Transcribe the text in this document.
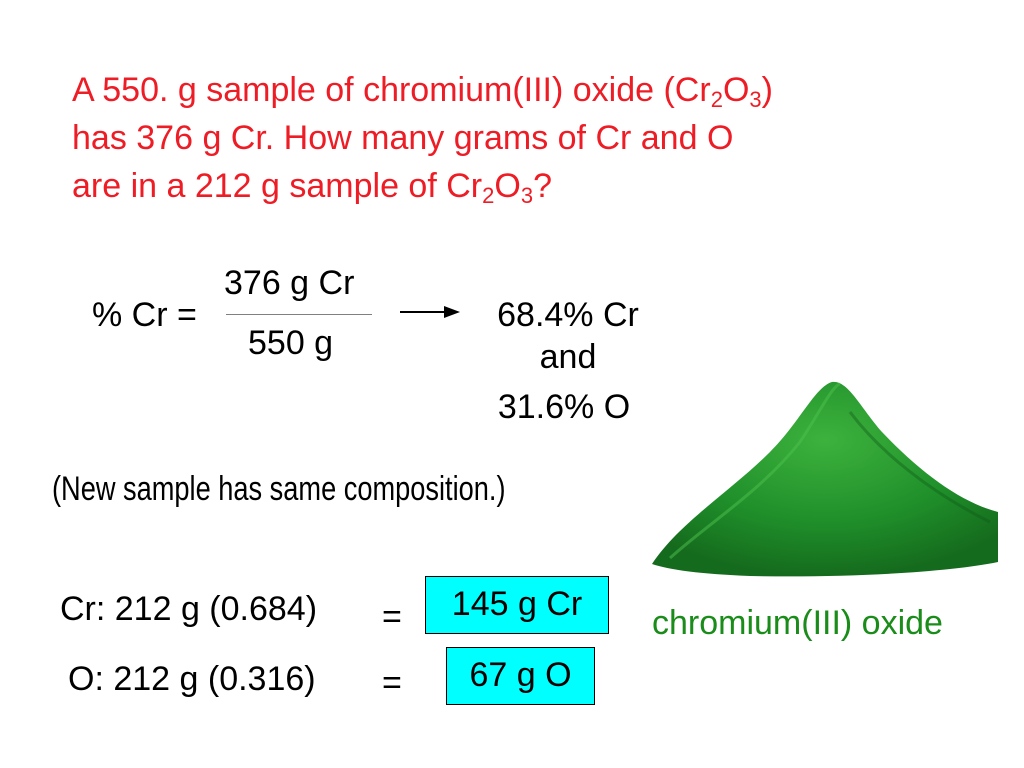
A 550. g sample of chromium(III) oxide $(Cr_2O_3)$
has 376 g Cr. How many grams of Cr and O
are in a 212 g sample of $Cr_2O_3$?
% Cr =
376 g Cr
550 g
68.4% Cr
and
31.6% O
(New sample has same composition.)
Cr: 212 g (0.684) =	145 g Cr
O: 212 g (0.316) =	67 g O
chromium(III) oxide
